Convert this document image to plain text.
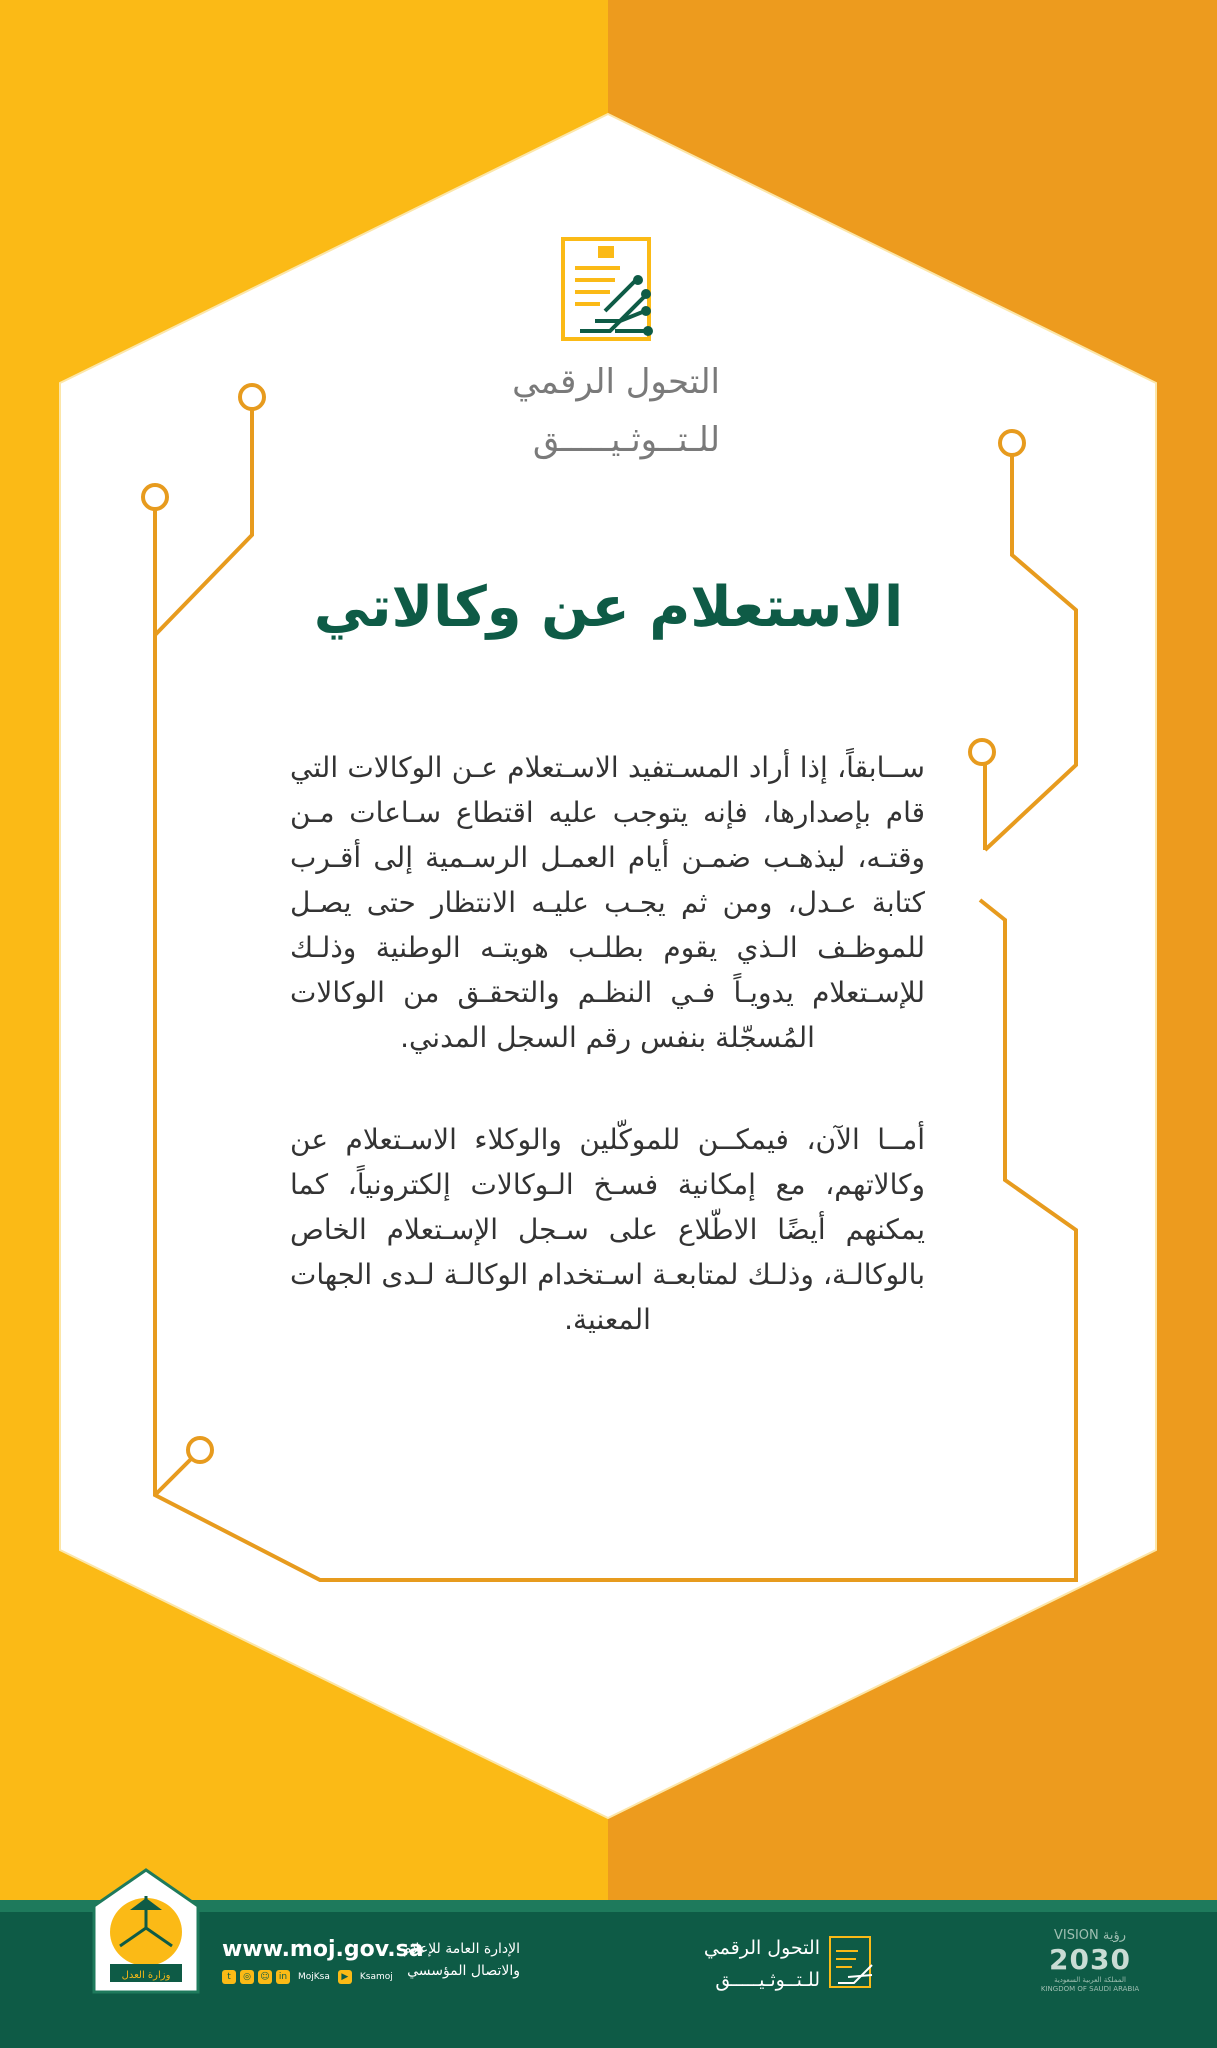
التحول الرقمي
للـتــوثـيـــــق
الاستعلام عن وكالاتي
ســابقاً، إذا أراد المسـتفيد الاسـتعلام عـن الوكالات التي قام بإصدارها، فإنه يتوجب عليه اقتطاع سـاعات مـن وقتـه، ليذهـب ضمـن أيام العمـل الرسـمية إلى أقـرب كتابة عـدل، ومن ثم يجـب عليـه الانتظار حتى يصـل للموظـف الـذي يقوم بطلـب هويتـه الوطنية وذلـك للإسـتعلام يدويـاً فـي النظـم والتحقـق من الوكالات المُسجّلة بنفس رقم السجل المدني.
أمــا الآن، فيمكــن للموكّلين والوكلاء الاسـتعلام عن وكالاتهم، مع إمكانية فسـخ الـوكالات إلكترونياً، كما يمكنهم أيضًا الاطّلاع على سـجل الإسـتعلام الخاص بالوكالـة، وذلـك لمتابعـة اسـتخدام الوكالـة لـدى الجهات المعنية.
وزارة العدل
www.moj.gov.sa
t	◎	☺	in	MojKsa	▶	Ksamoj
الإدارة العامة للإعلام والاتصال المؤسسي
التحول الرقمي
للـتــوثـيـــــق
VISION رؤية
2030
المملكة العربية السعودية
KINGDOM OF SAUDI ARABIA
